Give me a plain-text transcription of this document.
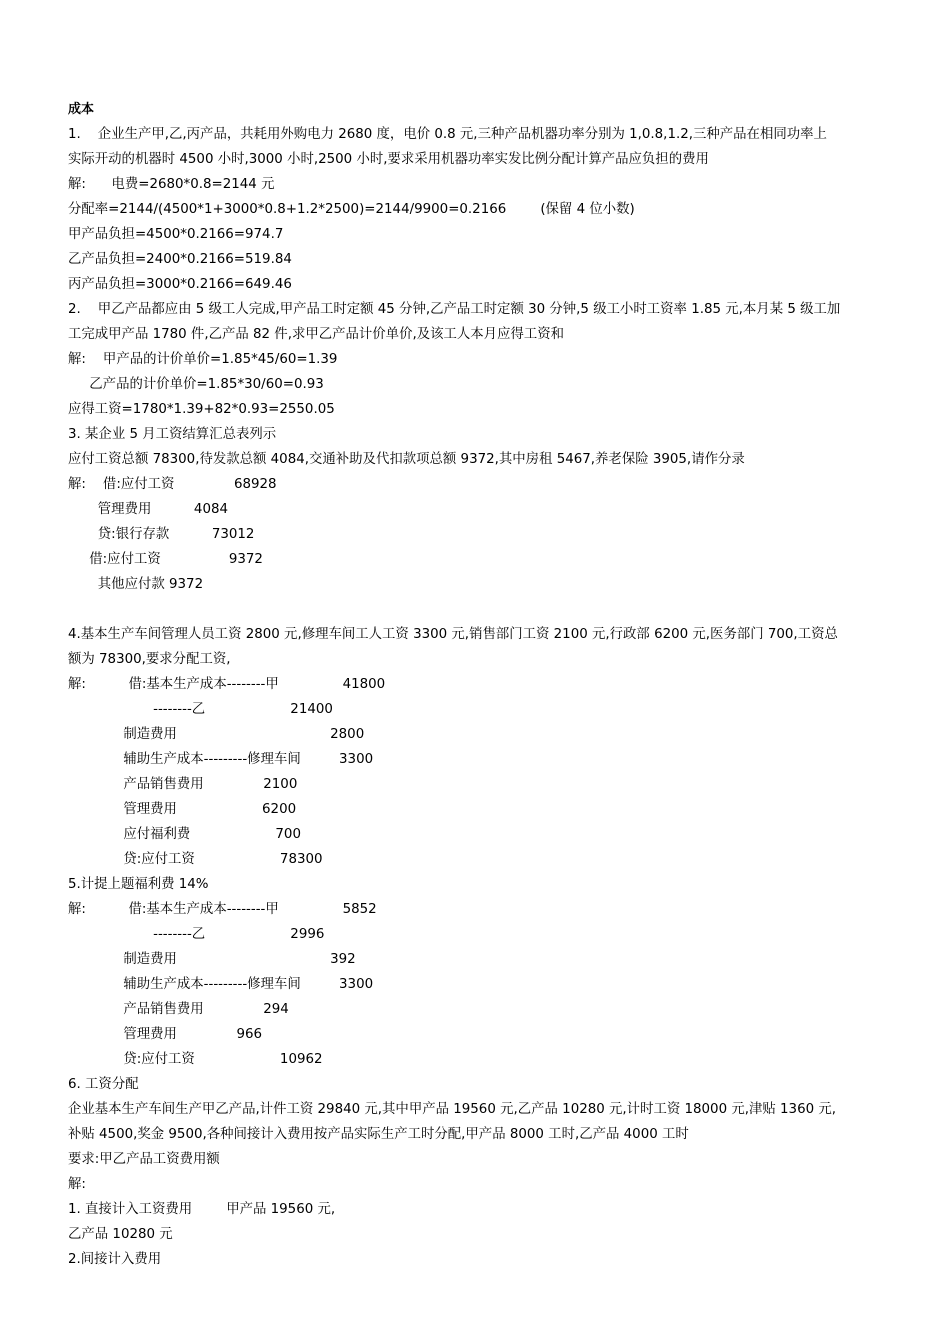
成本
1.    企业生产甲,乙,丙产品，共耗用外购电力 2680 度，电价 0.8 元,三种产品机器功率分别为 1,0.8,1.2,三种产品在相同功率上
实际开动的机器时 4500 小时,3000 小时,2500 小时,要求采用机器功率实发比例分配计算产品应负担的费用
解:      电费=2680*0.8=2144 元
分配率=2144/(4500*1+3000*0.8+1.2*2500)=2144/9900=0.2166        (保留 4 位小数)
甲产品负担=4500*0.2166=974.7
乙产品负担=2400*0.2166=519.84
丙产品负担=3000*0.2166=649.46
2.    甲乙产品都应由 5 级工人完成,甲产品工时定额 45 分钟,乙产品工时定额 30 分钟,5 级工小时工资率 1.85 元,本月某 5 级工加
工完成甲产品 1780 件,乙产品 82 件,求甲乙产品计价单价,及该工人本月应得工资和
解:    甲产品的计价单价=1.85*45/60=1.39
乙产品的计价单价=1.85*30/60=0.93
应得工资=1780*1.39+82*0.93=2550.05
3. 某企业 5 月工资结算汇总表列示
应付工资总额 78300,待发款总额 4084,交通补助及代扣款项总额 9372,其中房租 5467,养老保险 3905,请作分录
解:    借:应付工资              68928
管理费用          4084
贷:银行存款          73012
借:应付工资                9372
其他应付款 9372
4.基本生产车间管理人员工资 2800 元,修理车间工人工资 3300 元,销售部门工资 2100 元,行政部 6200 元,医务部门 700,工资总
额为 78300,要求分配工资,
解:          借:基本生产成本--------甲               41800
--------乙                    21400
制造费用                                    2800
辅助生产成本---------修理车间         3300
产品销售费用              2100
管理费用                    6200
应付福利费                    700
贷:应付工资                    78300
5.计提上题福利费 14%
解:          借:基本生产成本--------甲               5852
--------乙                    2996
制造费用                                    392
辅助生产成本---------修理车间         3300
产品销售费用              294
管理费用              966
贷:应付工资                    10962
6. 工资分配
企业基本生产车间生产甲乙产品,计件工资 29840 元,其中甲产品 19560 元,乙产品 10280 元,计时工资 18000 元,津贴 1360 元,
补贴 4500,奖金 9500,各种间接计入费用按产品实际生产工时分配,甲产品 8000 工时,乙产品 4000 工时
要求:甲乙产品工资费用额
解:
1. 直接计入工资费用        甲产品 19560 元,
乙产品 10280 元
2.间接计入费用
